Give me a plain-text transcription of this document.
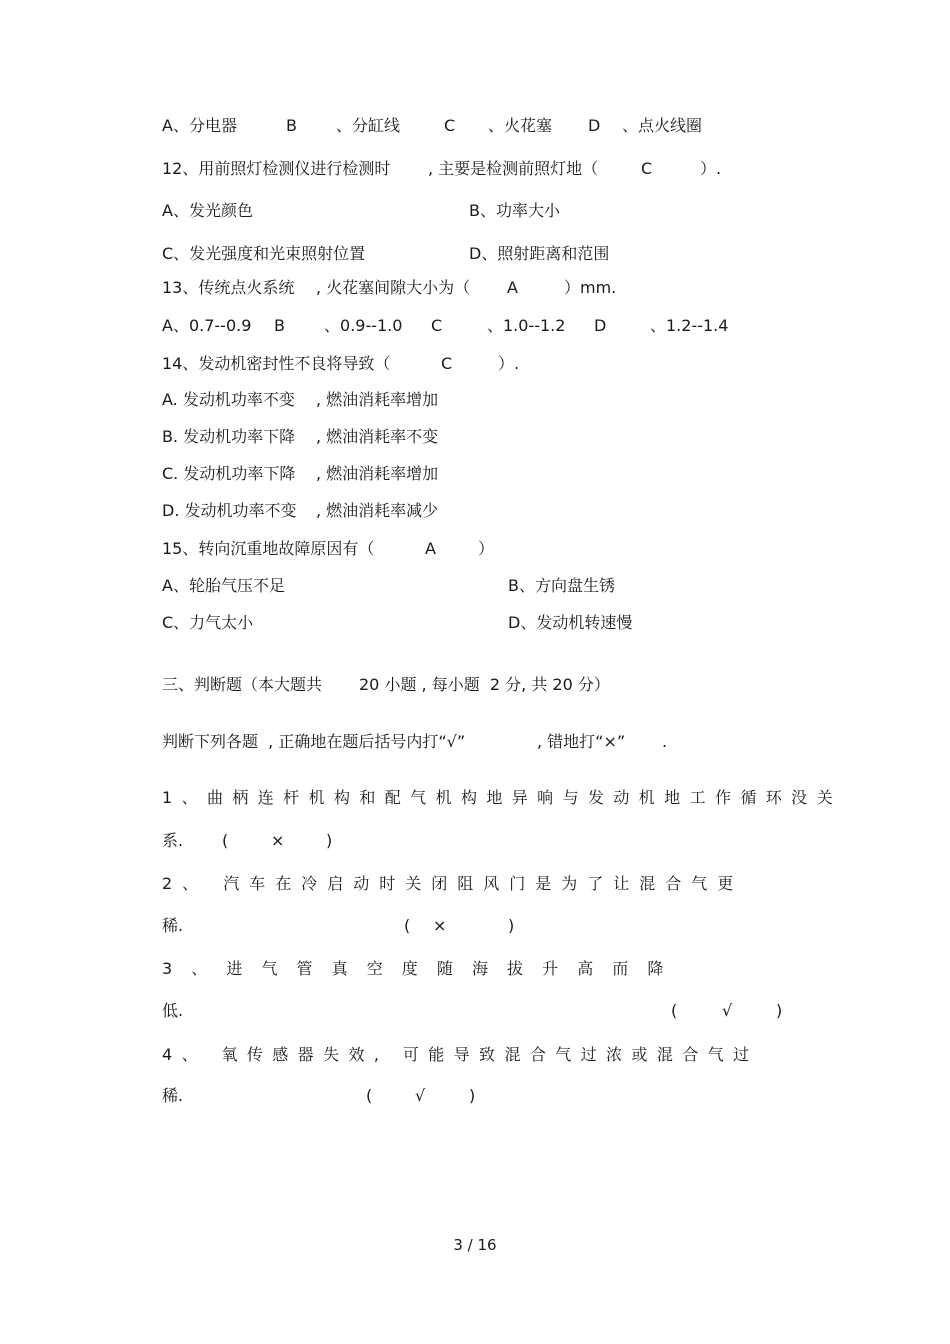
A、分电器	B 、分缸线	C 、火花塞 D 、点火线圈
12、用前照灯检测仪进行检测时 , 主要是检测前照灯地（	C	）.
A、发光颜色	B、功率大小
C、发光强度和光束照射位置	D、照射距离和范围
13、传统点火系统 , 火花塞间隙大小为（ A	）mm.
A、0.7--0.9 B 、0.9--1.0 C	、1.0--1.2 D	、1.2--1.4
14、发动机密封性不良将导致（	C	）.
A. 发动机功率不变 , 燃油消耗率增加
B. 发动机功率下降 , 燃油消耗率不变
C. 发动机功率下降 , 燃油消耗率增加
D. 发动机功率不变 , 燃油消耗率减少
15、转向沉重地故障原因有（	A	）
A、轮胎气压不足	B、方向盘生锈
C、力气太小	D、发动机转速慢
三、判断题（本大题共 20 小题 , 每小题  2 分, 共 20 分）
判断下列各题  , 正确地在题后括号内打“√”	, 错地打“×” .
1、曲柄连杆机构和配气机构地异响与发动机地工作循环没关
系. (	×	)
2、 汽车在冷启动时关闭阻风门是为了让混合气更
稀.	( ×	)
3 、 进 气 管 真 空 度 随 海 拔 升 高 而 降
低.	(	√	)
4、 氧传感器失效, 可能导致混合气过浓或混合气过
稀.	(	√	)
3 / 16
